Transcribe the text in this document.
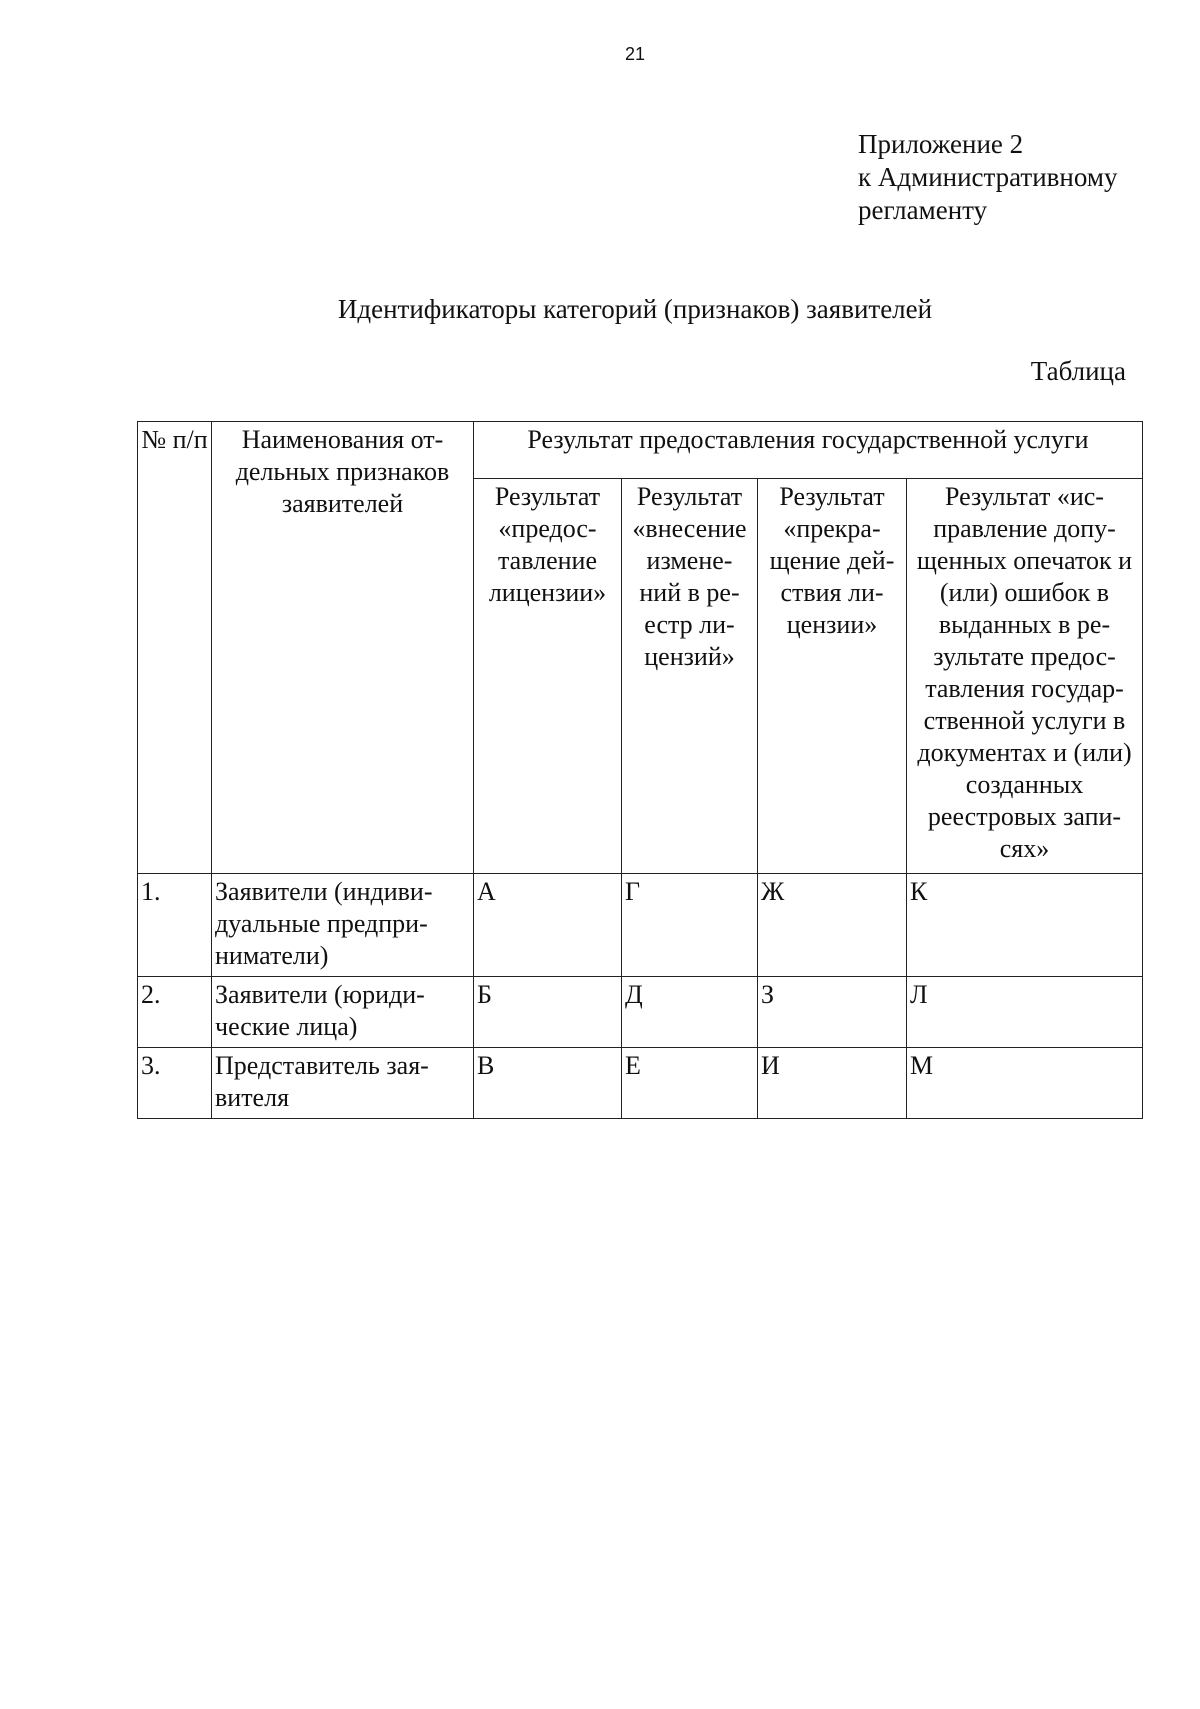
21
Приложение 2
к Административному
регламенту
Идентификаторы категорий (признаков) заявителей
Таблица
№ п/п	Наименования от- дельных признаков заявителей	Результат предоставления государственной услуги			
		Результат «предос- тавление лицензии»	Результат «внесение измене- ний в ре- естр ли- цензий»	Результат «прекра- щение дей- ствия ли- цензии»	Результат «ис- правление допу- щенных опечаток и (или) ошибок в выданных в ре- зультате предос- тавления государ- ственной услуги в документах и (или) созданных реестровых запи- сях»
1.	Заявители (индиви- дуальные предпри- ниматели)	А	Г	Ж	К
2.	Заявители (юриди- ческие лица)	Б	Д	З	Л
3.	Представитель зая- вителя	В	Е	И	М
